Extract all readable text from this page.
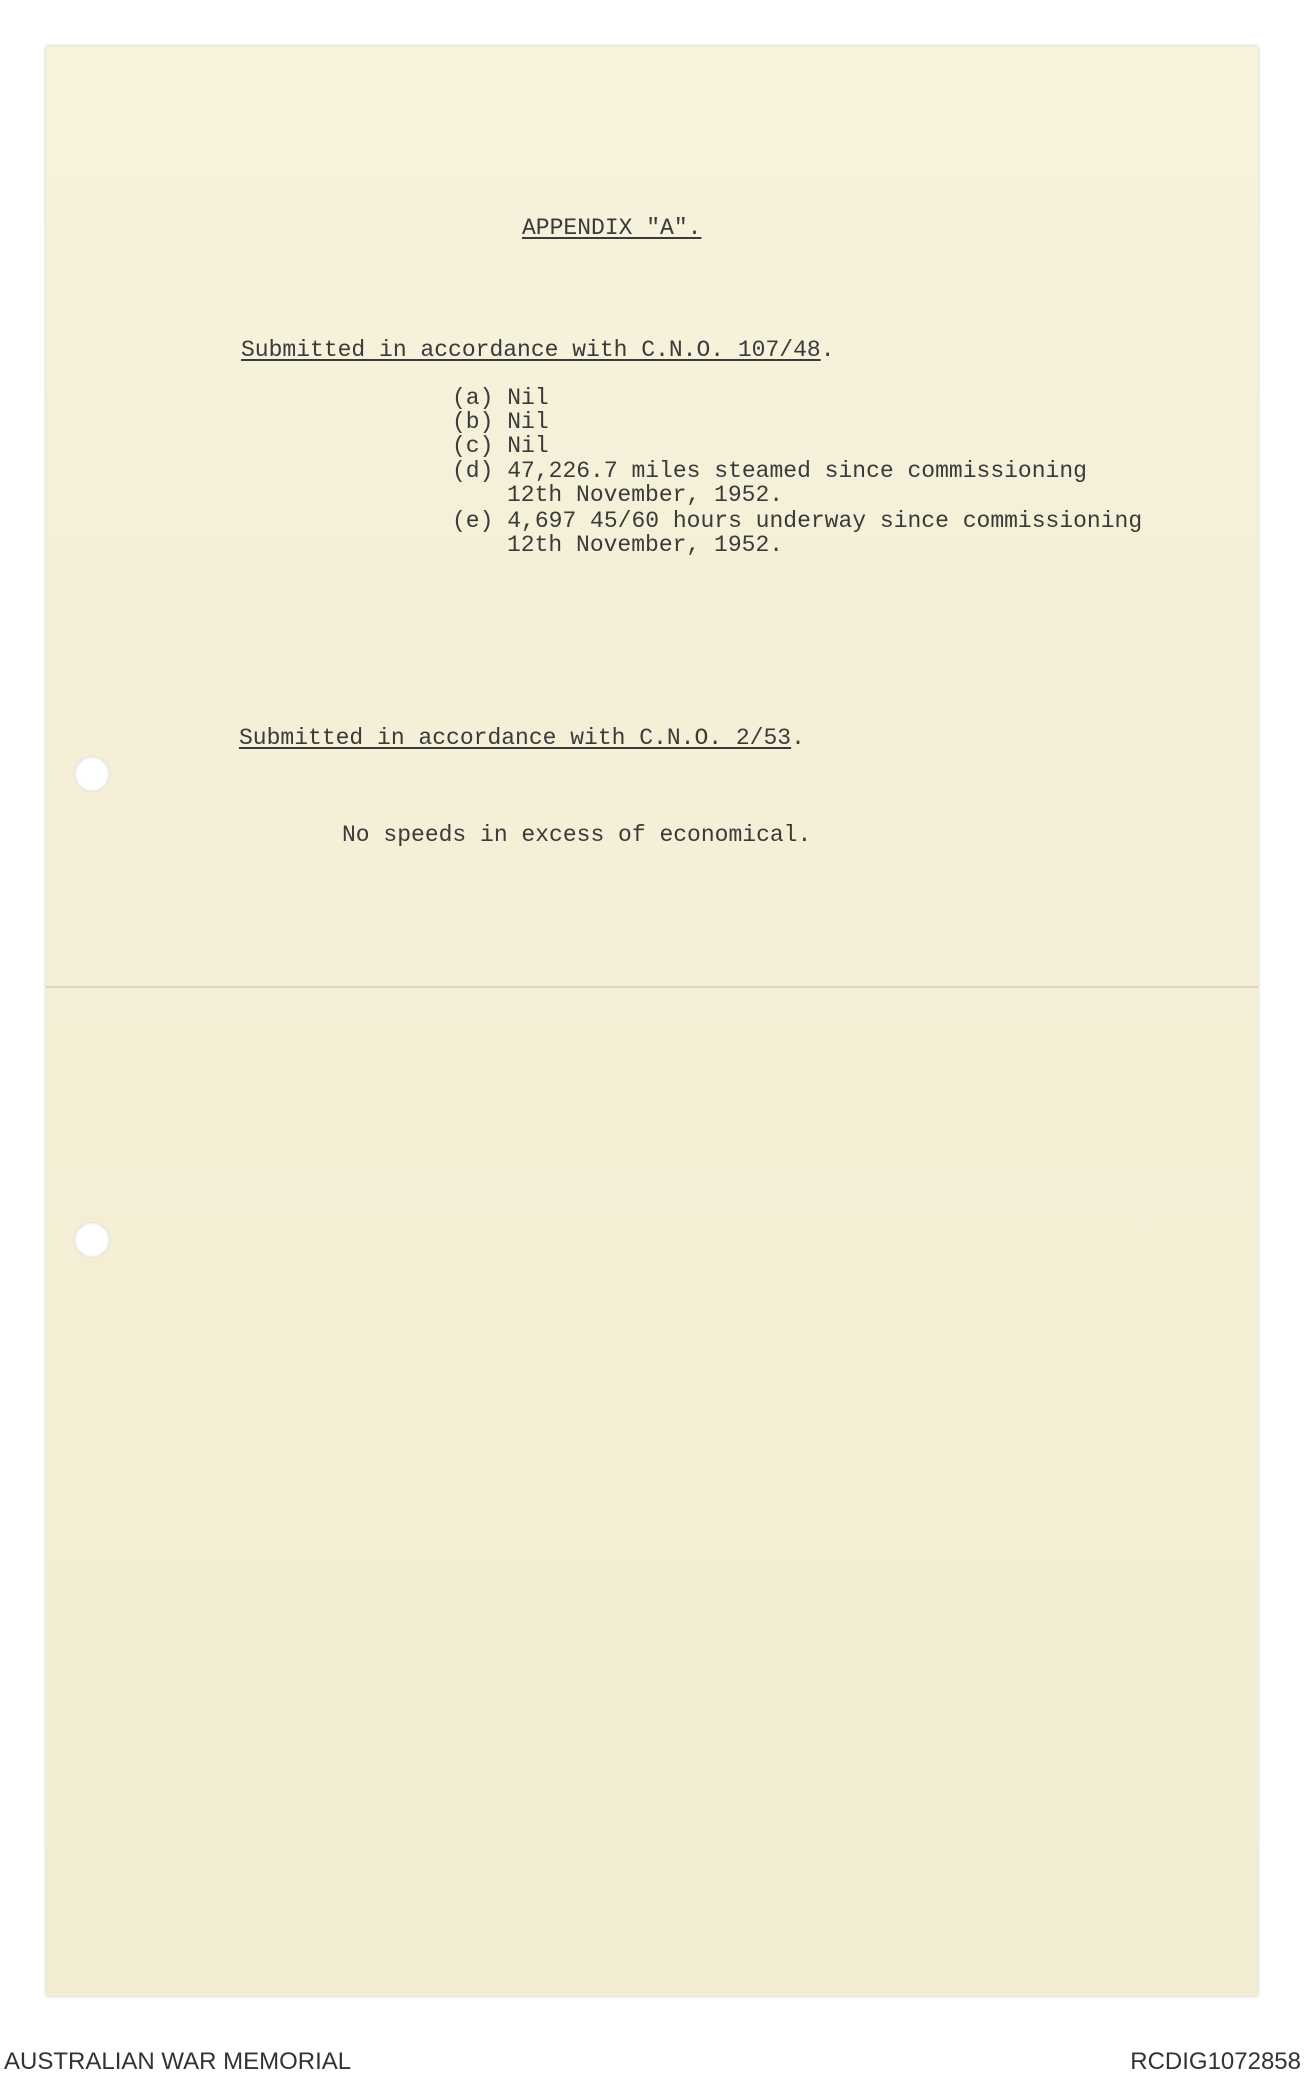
APPENDIX "A".
Submitted in accordance with C.N.O. 107/48.
(a) Nil
(b) Nil
(c) Nil
(d) 47,226.7 miles steamed since commissioning
12th November, 1952.
(e) 4,697 45/60 hours underway since commissioning
12th November, 1952.
Submitted in accordance with C.N.O. 2/53.
No speeds in excess of economical.
AUSTRALIAN WAR MEMORIAL	RCDIG1072858
